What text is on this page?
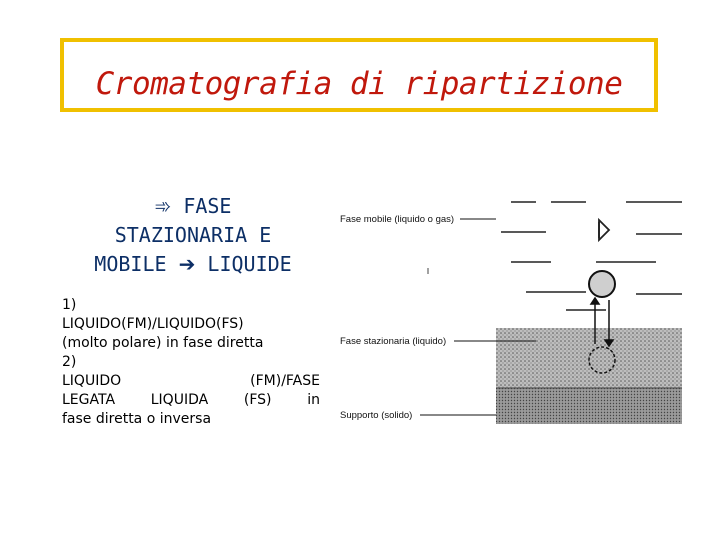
Cromatografia di ripartizione
➾ FASE
STAZIONARIA E
MOBILE ➔ LIQUIDE
1)
LIQUIDO(FM)/LIQUIDO(FS)
(molto polare) in fase diretta
2)
LIQUIDO (FM)/FASE
LEGATA LIQUIDA (FS) in
fase diretta o inversa
Fase mobile (liquido o gas)
Fase stazionaria (liquido)
Supporto (solido)
